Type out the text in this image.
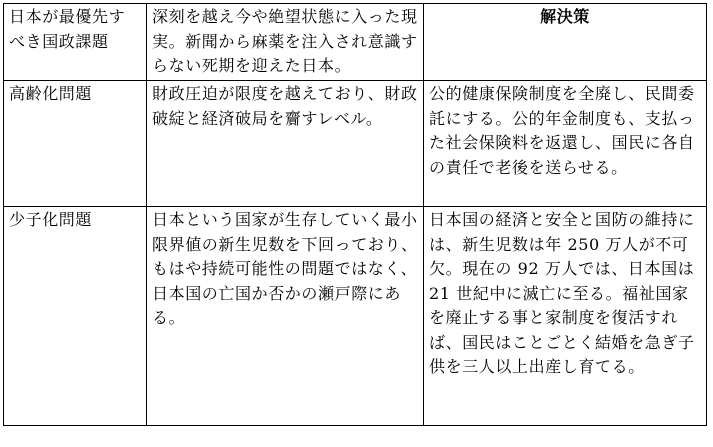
日本が最優先すべき国政課題	深刻を越え今や絶望状態に入った現実。新聞から麻薬を注入され意識すらない死期を迎えた日本。	解決策
高齢化問題	財政圧迫が限度を越えており、財政破綻と経済破局を齎すレベル。	公的健康保険制度を全廃し、民間委託にする。公的年金制度も、支払った社会保険料を返還し、国民に各自の責任で老後を送らせる。
少子化問題	日本という国家が生存していく最小限界値の新生児数を下回っており、もはや持続可能性の問題ではなく、日本国の亡国か否かの瀬戸際にある。	日本国の経済と安全と国防の維持には、新生児数は年 250 万人が不可欠。現在の 92 万人では、日本国は 21 世紀中に滅亡に至る。福祉国家を廃止する事と家制度を復活すれば、国民はことごとく結婚を急ぎ子供を三人以上出産し育てる。
